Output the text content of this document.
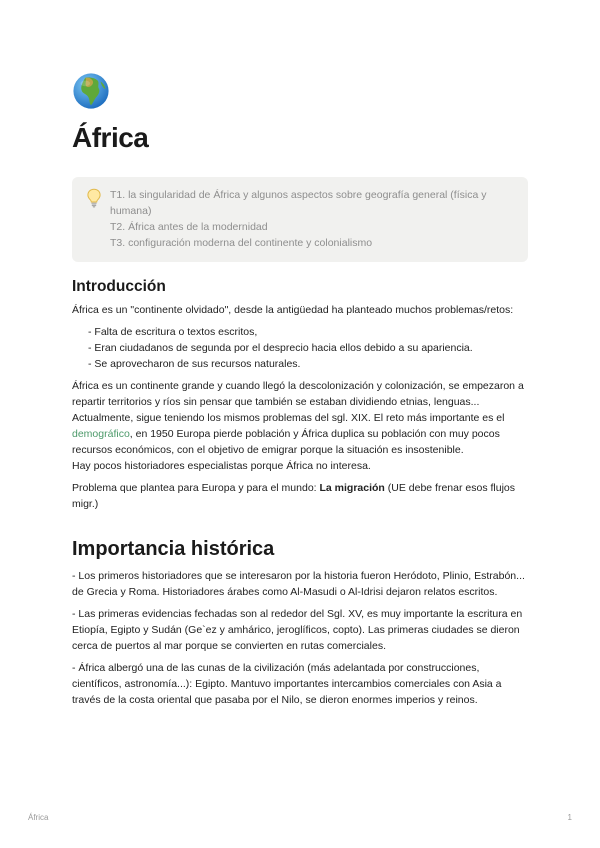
África
T1. la singularidad de África y algunos aspectos sobre geografía general (física y humana)
T2. África antes de la modernidad
T3. configuración moderna del continente y colonialismo
Introducción

África es un "continente olvidado", desde la antigüedad ha planteado muchos problemas/retos:

- Falta de escritura o textos escritos,
- Eran ciudadanos de segunda por el desprecio hacia ellos debido a su apariencia.
- Se aprovecharon de sus recursos naturales.

África es un continente grande y cuando llegó la descolonización y colonización, se empezaron a repartir territorios y ríos sin pensar que también se estaban dividiendo etnias, lenguas... Actualmente, sigue teniendo los mismos problemas del sgl. XIX. El reto más importante es el demográfico, en 1950 Europa pierde población y África duplica su población con muy pocos recursos económicos, con el objetivo de emigrar porque la situación es insostenible.

Hay pocos historiadores especialistas porque África no interesa.

Problema que plantea para Europa y para el mundo: La migración (UE debe frenar esos flujos migr.)

Importancia histórica

- Los primeros historiadores que se interesaron por la historia fueron Heródoto, Plinio, Estrabón... de Grecia y Roma. Historiadores árabes como Al-Masudi o Al-Idrisi dejaron relatos escritos.

- Las primeras evidencias fechadas son al rededor del Sgl. XV, es muy importante la escritura en Etiopía, Egipto y Sudán (Ge`ez y amhárico, jeroglíficos, copto). Las primeras ciudades se dieron cerca de puertos al mar porque se convierten en rutas comerciales.

- África albergó una de las cunas de la civilización (más adelantada por construcciones, científicos, astronomía...): Egipto. Mantuvo importantes intercambios comerciales con Asia a través de la costa oriental que pasaba por el Nilo, se dieron enormes imperios y reinos.

África	1
